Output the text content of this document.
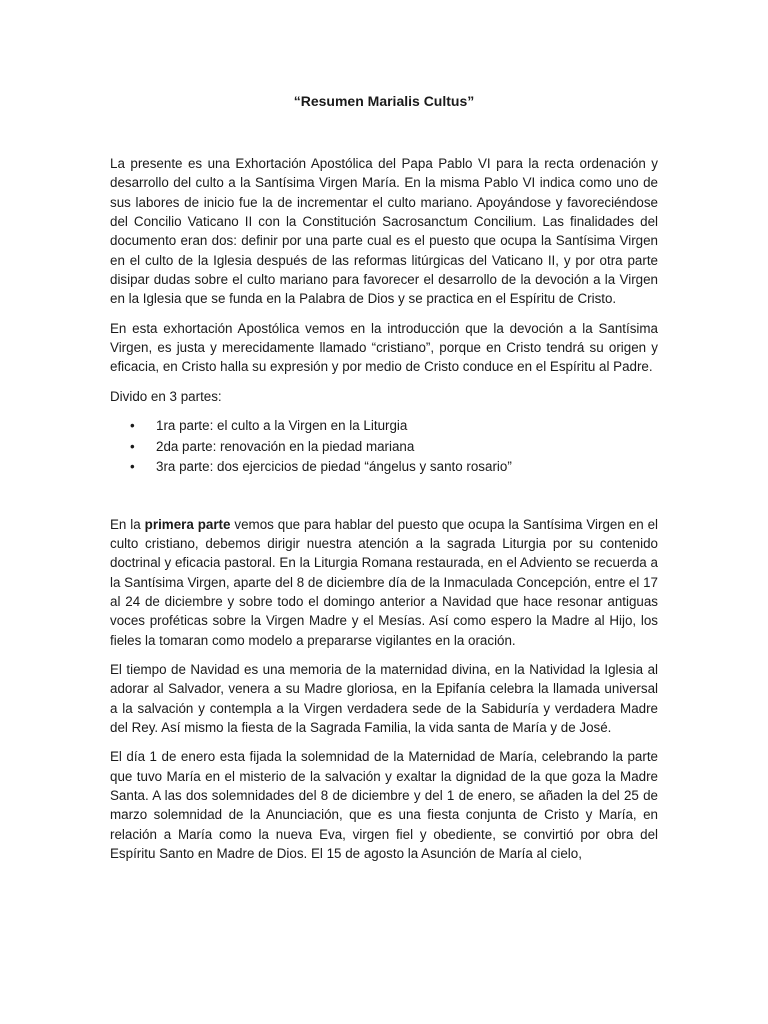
“Resumen Marialis Cultus”

La presente es una Exhortación Apostólica del Papa Pablo VI para la recta ordenación y desarrollo del culto a la Santísima Virgen María. En la misma Pablo VI indica como uno de sus labores de inicio fue la de incrementar el culto mariano. Apoyándose y favoreciéndose del Concilio Vaticano II con la Constitución Sacrosanctum Concilium. Las finalidades del documento eran dos: definir por una parte cual es el puesto que ocupa la Santísima Virgen en el culto de la Iglesia después de las reformas litúrgicas del Vaticano II, y por otra parte disipar dudas sobre el culto mariano para favorecer el desarrollo de la devoción a la Virgen en la Iglesia que se funda en la Palabra de Dios y se practica en el Espíritu de Cristo.

En esta exhortación Apostólica vemos en la introducción que la devoción a la Santísima Virgen, es justa y merecidamente llamado “cristiano”, porque en Cristo tendrá su origen y eficacia, en Cristo halla su expresión y por medio de Cristo conduce en el Espíritu al Padre.

Divido en 3 partes:

• 1ra parte: el culto a la Virgen en la Liturgia
• 2da parte: renovación en la piedad mariana
• 3ra parte: dos ejercicios de piedad “ángelus y santo rosario”

En la primera parte vemos que para hablar del puesto que ocupa la Santísima Virgen en el culto cristiano, debemos dirigir nuestra atención a la sagrada Liturgia por su contenido doctrinal y eficacia pastoral. En la Liturgia Romana restaurada, en el Adviento se recuerda a la Santísima Virgen, aparte del 8 de diciembre día de la Inmaculada Concepción, entre el 17 al 24 de diciembre y sobre todo el domingo anterior a Navidad que hace resonar antiguas voces proféticas sobre la Virgen Madre y el Mesías. Así como espero la Madre al Hijo, los fieles la tomaran como modelo a prepararse vigilantes en la oración.

El tiempo de Navidad es una memoria de la maternidad divina, en la Natividad la Iglesia al adorar al Salvador, venera a su Madre gloriosa, en la Epifanía celebra la llamada universal a la salvación y contempla a la Virgen verdadera sede de la Sabiduría y verdadera Madre del Rey. Así mismo la fiesta de la Sagrada Familia, la vida santa de María y de José.

El día 1 de enero esta fijada la solemnidad de la Maternidad de María, celebrando la parte que tuvo María en el misterio de la salvación y exaltar la dignidad de la que goza la Madre Santa. A las dos solemnidades del 8 de diciembre y del 1 de enero, se añaden la del 25 de marzo solemnidad de la Anunciación, que es una fiesta conjunta de Cristo y María, en relación a María como la nueva Eva, virgen fiel y obediente, se convirtió por obra del Espíritu Santo en Madre de Dios. El 15 de agosto la Asunción de María al cielo,
